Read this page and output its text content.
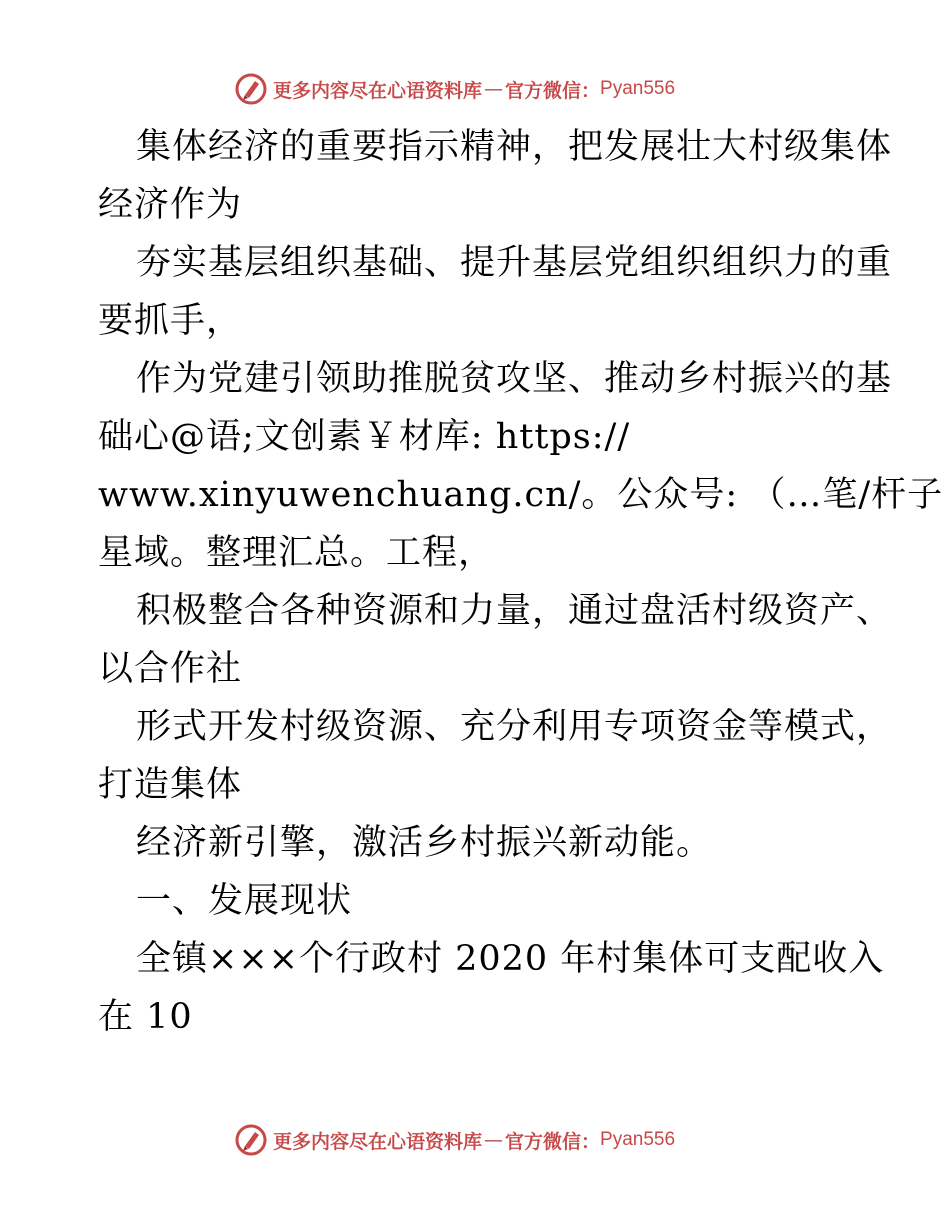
更多内容尽在心语资料库 — 官方微信： Pyan556
集体经济的重要指示精神，把发展壮大村级集体
经济作为
夯实基层组织基础、提升基层党组织组织力的重
要抓手，
作为党建引领助推脱贫攻坚、推动乡村振兴的基
础心@语;文创素￥材库: https://
www.xinyuwenchuang.cn/。公众号: （…笔/杆子
星域。整理汇总。工程，
积极整合各种资源和力量，通过盘活村级资产、
以合作社
形式开发村级资源、充分利用专项资金等模式，
打造集体
经济新引擎，激活乡村振兴新动能。
一、发展现状
全镇×××个行政村 2020 年村集体可支配收入
在 10
更多内容尽在心语资料库 — 官方微信： Pyan556
